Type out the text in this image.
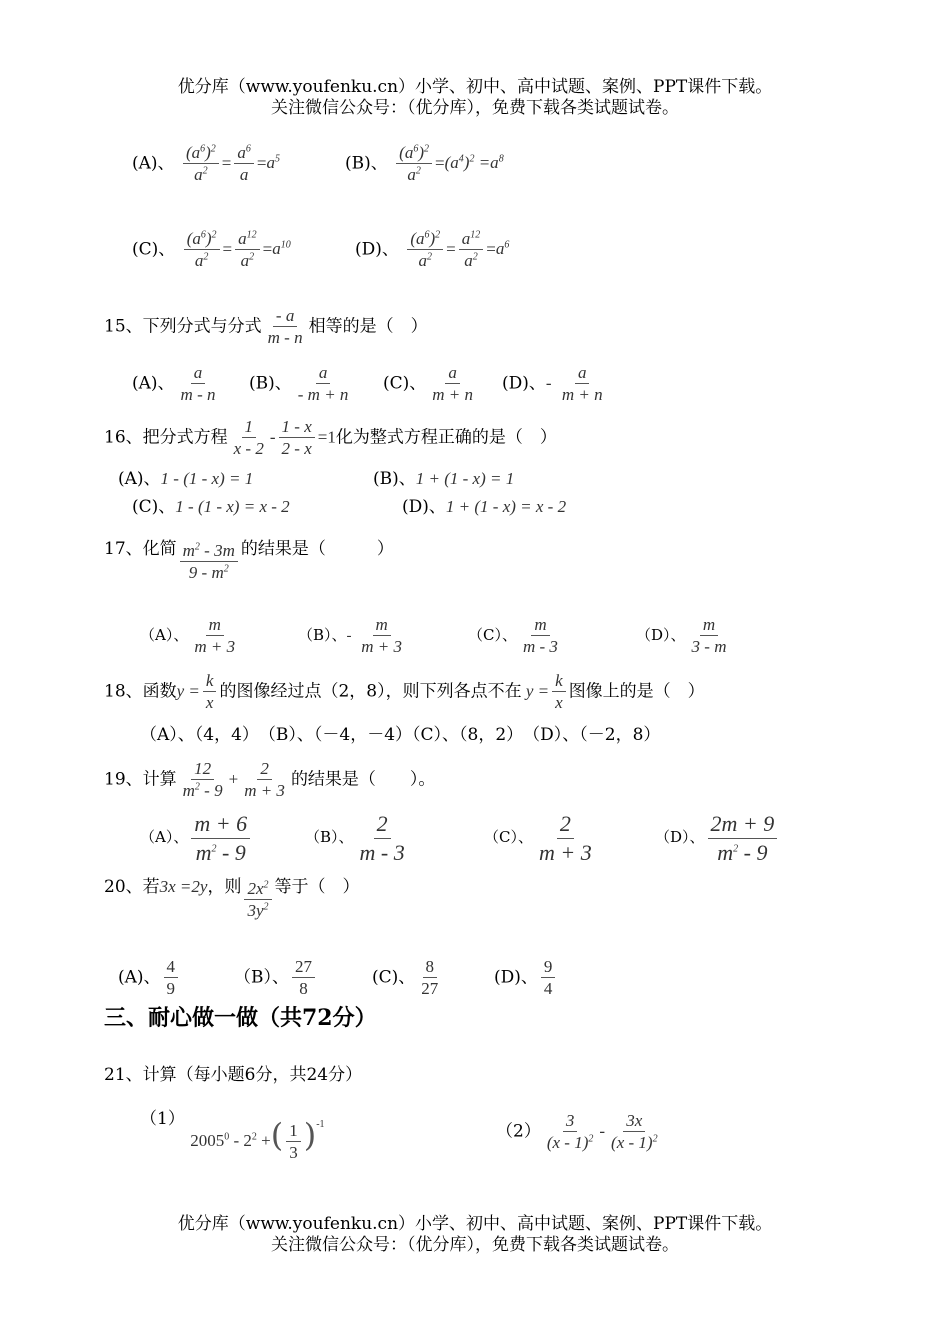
优分库（www.youfenku.cn）小学、初中、高中试题、案例、PPT课件下载。
关注微信公众号：（优分库），免费下载各类试题试卷。
(A)、 $\frac{(a^6)^2}{a^2} = \frac{a^6}{a} =a^5$	(B)、 $\frac{(a^6)^2}{a^2} =(a^4)^2 =a^8$
(C)、 $\frac{(a^6)^2}{a^2} = \frac{a^{12}}{a^2} =a^{10}$	(D)、 $\frac{(a^6)^2}{a^2} = \frac{a^{12}}{a^2} =a^6$
15、下列分式与分式 $\frac{- a}{m - n}$ 相等的是（　）
(A)、 $\frac{a}{m - n} (B)$、 $\frac{a}{- m + n} (C)$、 $\frac{a}{m + n} (D)$、- $\frac{a}{m + n}$
16、把分式方程 $\frac{1}{x - 2} - \frac{1 - x}{2 - x} =1$化为整式方程正确的是（　）
(A)、1 - (1 - x) = 1	(B)、1 + (1 - x) = 1
(C)、1 - (1 - x) = x - 2	(D)、1 + (1 - x) = x - 2
17、化简 $\frac{m^2 - 3m}{9 - m^2}$ 的结果是（　　　）
（A）、 $\frac{m}{m + 3}$	（B）、- $\frac{m}{m + 3}$	（C）、 $\frac{m}{m - 3}$	（D）、 $\frac{m}{3 - m}$
18、函数$y = \frac{k}{x}$ 的图像经过点（2，8），则下列各点不在 $y = \frac{k}{x}$ 图像上的是（　）
（A）、（4，4）　（B）、（－4，－4）（C）、（8，2）　（D）、（－2，8）
19、计算 $\frac{12}{m^2 - 9} + \frac{2}{m + 3}$ 的结果是（　　）。
（A）、 $\frac{m + 6}{m^2 - 9}$	（B）、 $\frac{2}{m - 3}$	（C）、 $\frac{2}{m + 3}$	（D）、 $\frac{2m + 9}{m^2 - 9}$
20、若3x =2y，则 $\frac{2x^2}{3y^2}$ 等于（　）
(A)、 $\frac{4}{9}$	（B）、 $\frac{27}{8}$	(C)、 $\frac{8}{27}$	(D)、 $\frac{9}{4}$
三、耐心做一做（共72分）
21、计算（每小题6分，共24分）
（1） $2005^0 - 2^2$ +( $\frac{1}{3} )^{-1}$	$(2) \frac{3}{(x - 1)^2} - \frac{3x}{(x - 1)^2}$
优分库（www.youfenku.cn）小学、初中、高中试题、案例、PPT课件下载。
关注微信公众号：（优分库），免费下载各类试题试卷。
